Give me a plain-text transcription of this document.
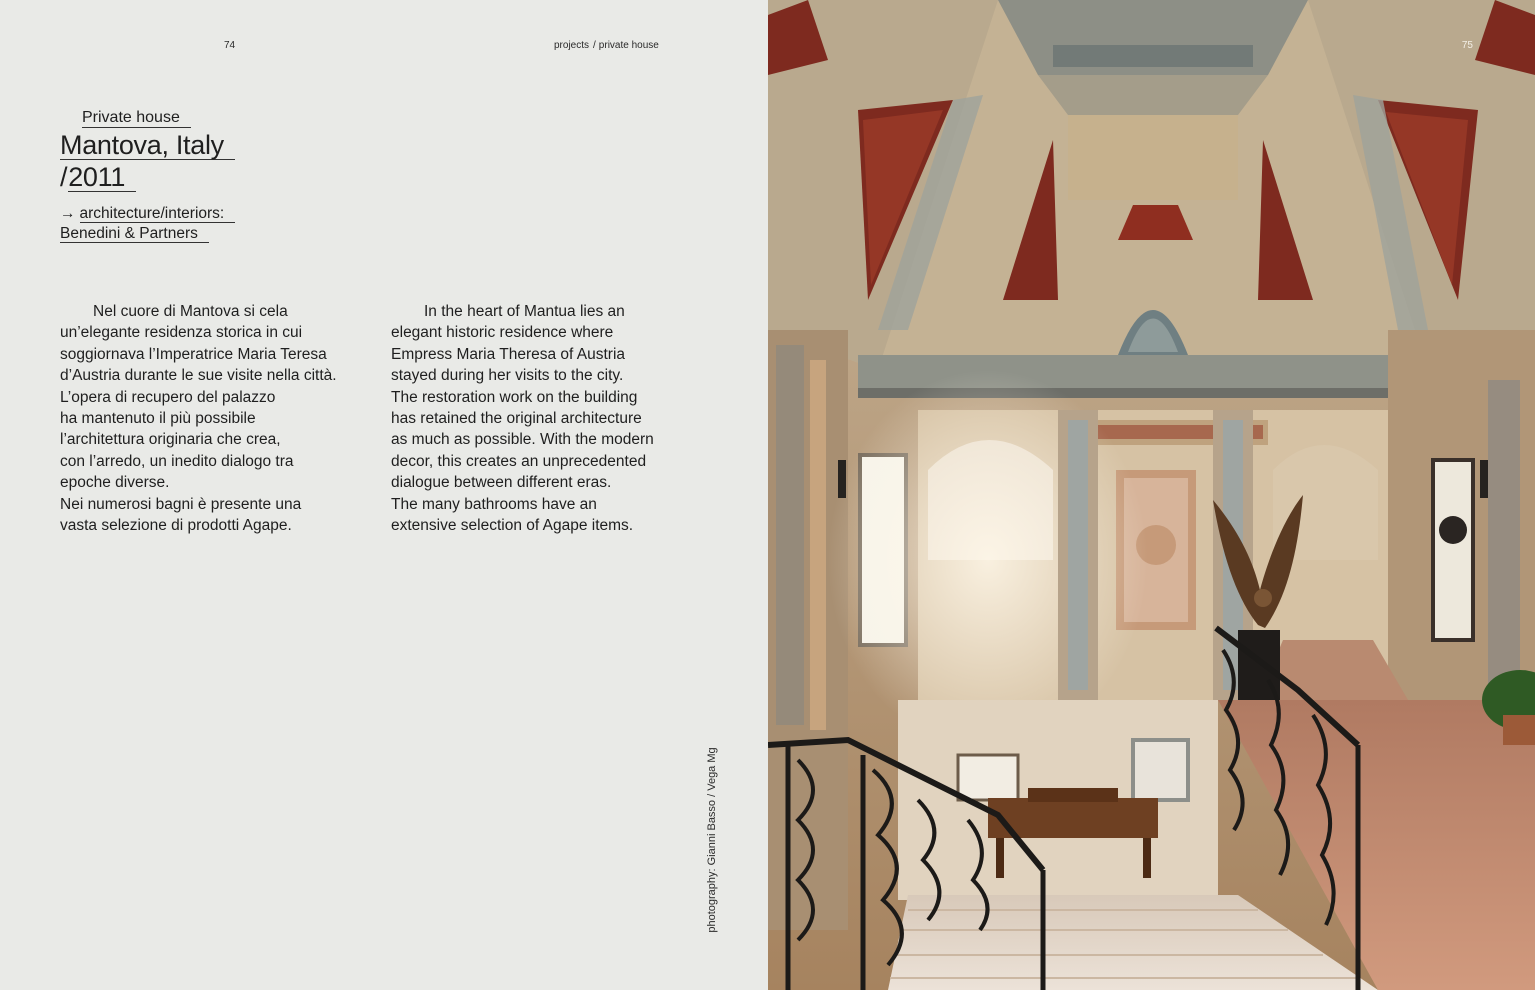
74	projects / private house
Private house
Mantova, Italy
/2011
→ architecture/interiors:
Benedini & Partners

Nel cuore di Mantova si cela

un’elegante residenza storica in cui

soggiornava l’Imperatrice Maria Teresa

d’Austria durante le sue visite nella città.

L’opera di recupero del palazzo

ha mantenuto il più possibile

l’architettura originaria che crea,

con l’arredo, un inedito dialogo tra

epoche diverse.

Nei numerosi bagni è presente una

vasta selezione di prodotti Agape.

In the heart of Mantua lies an

elegant historic residence where

Empress Maria Theresa of Austria

stayed during her visits to the city.

The restoration work on the building

has retained the original architecture

as much as possible. With the modern

decor, this creates an unprecedented

dialogue between different eras.

The many bathrooms have an

extensive selection of Agape items.

photography: Gianni Basso / Vega Mg
75
